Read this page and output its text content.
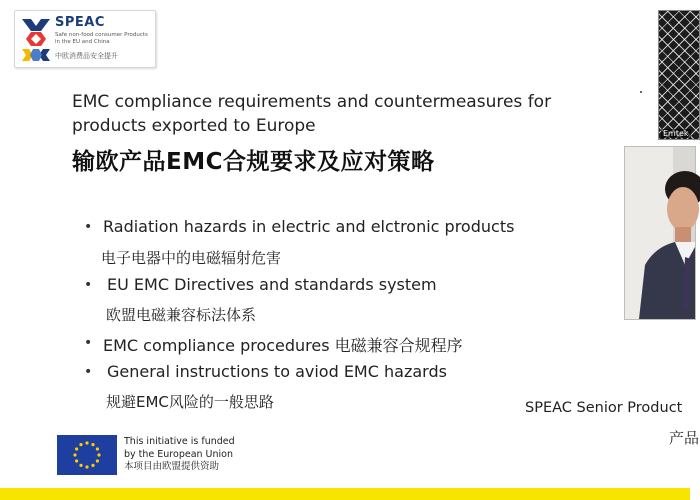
SPEAC
Safe non-food consumer Products in the EU and China
中欧消费品安全提升
EMC compliance requirements and countermeasures for products exported to Europe
输欧产品EMC合规要求及应对策略
• Radiation hazards in electric and elctronic products
电子电器中的电磁辐射危害
• EU EMC Directives and standards system
欧盟电磁兼容标法体系
• EMC compliance procedures 电磁兼容合规程序
• General instructions to aviod EMC hazards
规避EMC风险的一般思路
Emtek
SPEAC Senior Product
产品
This initiative is funded
by the European Union
本项目由欧盟提供资助
